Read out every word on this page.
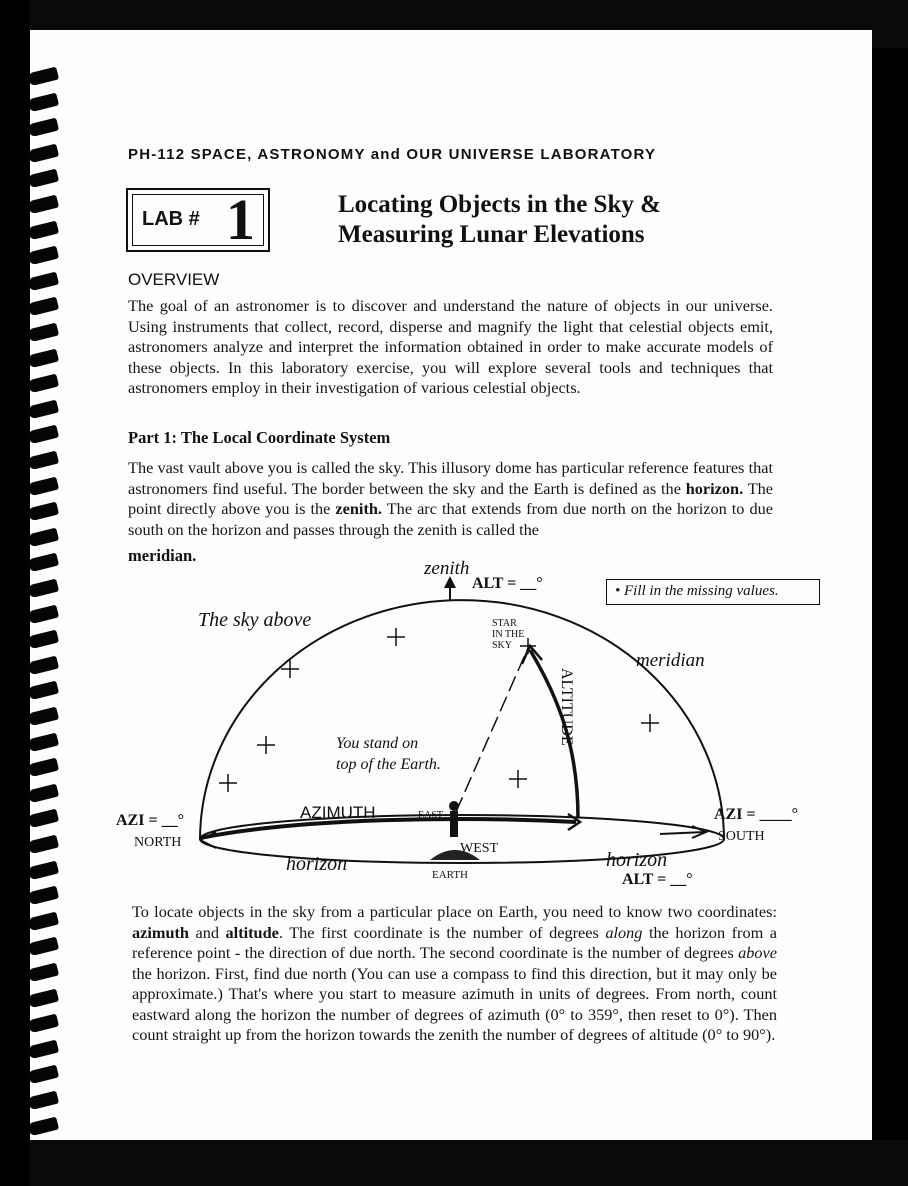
PH-112 SPACE, ASTRONOMY and OUR UNIVERSE LABORATORY
LAB # 1	Locating Objects in the Sky &
Measuring Lunar Elevations
OVERVIEW
The goal of an astronomer is to discover and understand the nature of objects in our universe. Using instruments that collect, record, disperse and magnify the light that celestial objects emit, astronomers analyze and interpret the information obtained in order to make accurate models of these objects. In this laboratory exercise, you will explore several tools and techniques that astronomers employ in their investigation of various celestial objects.
Part 1: The Local Coordinate System
The vast vault above you is called the sky. This illusory dome has particular reference features that astronomers find useful. The border between the sky and the Earth is defined as the horizon. The point directly above you is the zenith. The arc that extends from due north on the horizon to due south on the horizon and passes through the zenith is called the
meridian.
• Fill in the missing values.
zenith
ALT = __°
The sky above	STAR
IN THE
SKY
meridian
ALTITUDE
You stand on
top of the Earth.
AZI = __°
NORTH
AZIMUTH	EAST
WEST
AZI = ____°
SOUTH
horizon	EARTH
horizon
ALT = __°
To locate objects in the sky from a particular place on Earth, you need to know two coordinates: azimuth and altitude. The first coordinate is the number of degrees along the horizon from a reference point - the direction of due north. The second coordinate is the number of degrees above the horizon. First, find due north (You can use a compass to find this direction, but it may only be approximate.) That's where you start to measure azimuth in units of degrees. From north, count eastward along the horizon the number of degrees of azimuth (0° to 359°, then reset to 0°). Then count straight up from the horizon towards the zenith the number of degrees of altitude (0° to 90°).
